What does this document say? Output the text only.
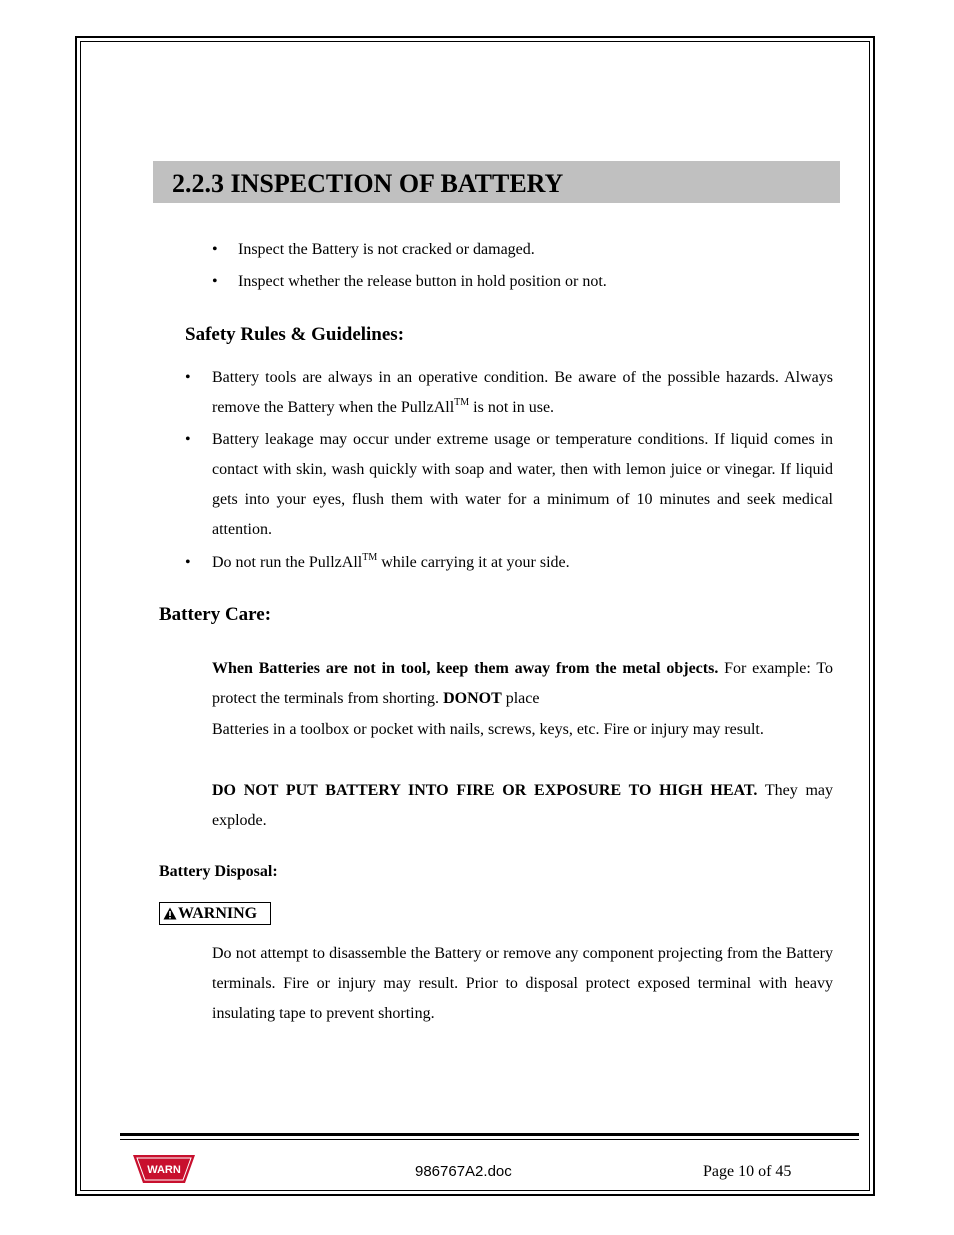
2.2.3 INSPECTION OF BATTERY
• Inspect the Battery is not cracked or damaged.
• Inspect whether the release button in hold position or not.
Safety Rules & Guidelines:
• Battery tools are always in an operative condition. Be aware of the possible hazards. Always remove the Battery when the PullzAll™ is not in use.
• Battery leakage may occur under extreme usage or temperature conditions. If liquid comes in contact with skin, wash quickly with soap and water, then with lemon juice or vinegar. If liquid gets into your eyes, flush them with water for a minimum of 10 minutes and seek medical attention.
• Do not run the PullzAll™ while carrying it at your side.
Battery Care:
When Batteries are not in tool, keep them away from the metal objects. For example: To protect the terminals from shorting. DONOT place
Batteries in a toolbox or pocket with nails, screws, keys, etc. Fire or injury may result.
DO NOT PUT BATTERY INTO FIRE OR EXPOSURE TO HIGH HEAT. They may explode.
Battery Disposal:
WARNING
Do not attempt to disassemble the Battery or remove any component projecting from the Battery terminals. Fire or injury may result. Prior to disposal protect exposed terminal with heavy insulating tape to prevent shorting.
WARN	986767A2.doc	Page 10 of 45
